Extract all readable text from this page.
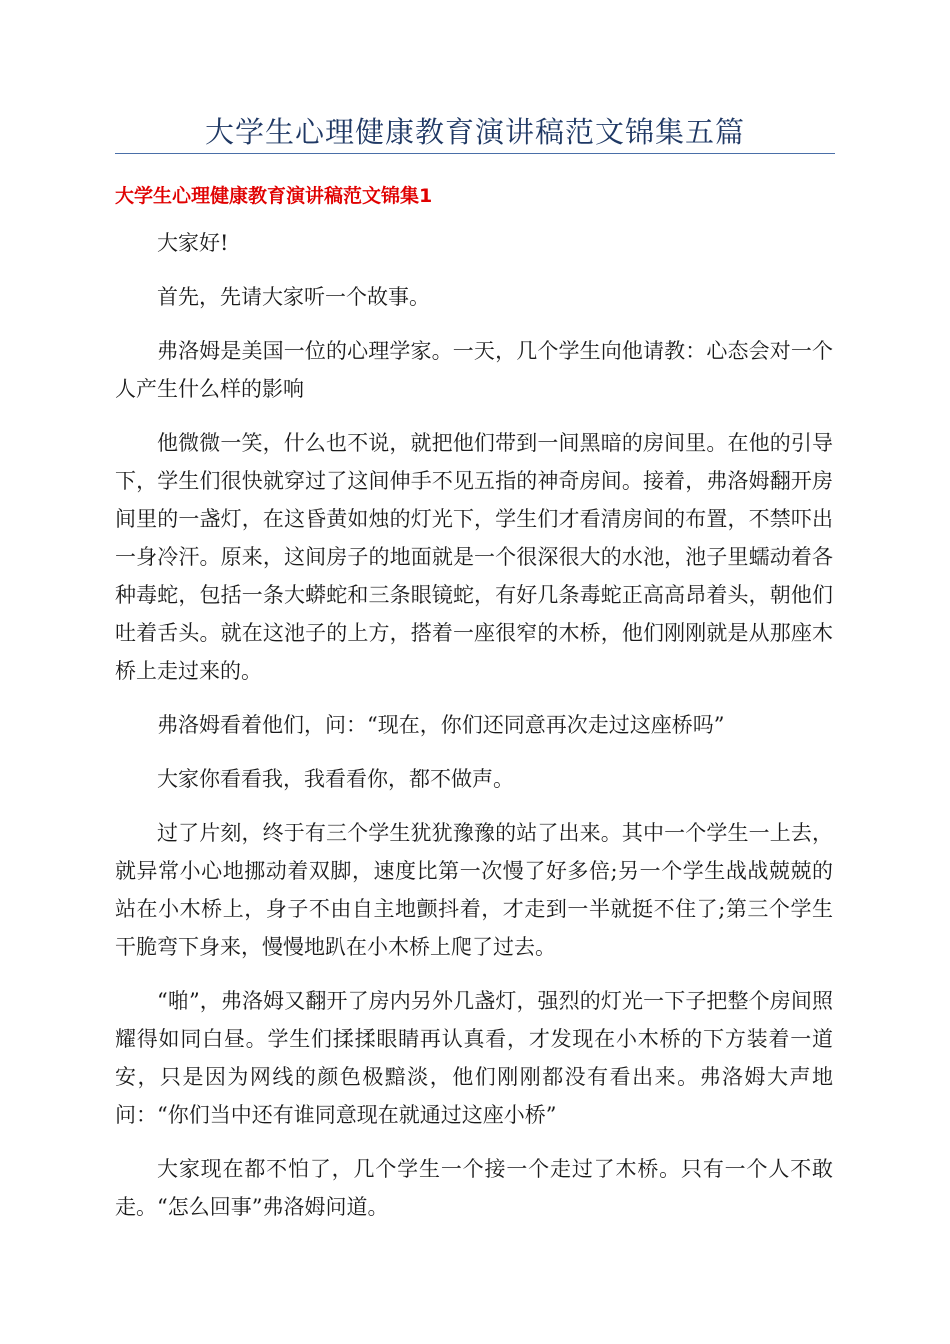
大学生心理健康教育演讲稿范文锦集五篇
大学生心理健康教育演讲稿范文锦集1

大家好!

首先，先请大家听一个故事。

弗洛姆是美国一位的心理学家。一天，几个学生向他请教：心态会对一个人产生什么样的影响

他微微一笑，什么也不说，就把他们带到一间黑暗的房间里。在他的引导下，学生们很快就穿过了这间伸手不见五指的神奇房间。接着，弗洛姆翻开房间里的一盏灯，在这昏黄如烛的灯光下，学生们才看清房间的布置，不禁吓出一身冷汗。原来，这间房子的地面就是一个很深很大的水池，池子里蠕动着各种毒蛇，包括一条大蟒蛇和三条眼镜蛇，有好几条毒蛇正高高昂着头，朝他们吐着舌头。就在这池子的上方，搭着一座很窄的木桥，他们刚刚就是从那座木桥上走过来的。

弗洛姆看着他们，问：“现在，你们还同意再次走过这座桥吗”

大家你看看我，我看看你，都不做声。

过了片刻，终于有三个学生犹犹豫豫的站了出来。其中一个学生一上去，就异常小心地挪动着双脚，速度比第一次慢了好多倍;另一个学生战战兢兢的站在小木桥上，身子不由自主地颤抖着，才走到一半就挺不住了;第三个学生干脆弯下身来，慢慢地趴在小木桥上爬了过去。

“啪”，弗洛姆又翻开了房内另外几盏灯，强烈的灯光一下子把整个房间照耀得如同白昼。学生们揉揉眼睛再认真看，才发现在小木桥的下方装着一道安，只是因为网线的颜色极黯淡，他们刚刚都没有看出来。弗洛姆大声地问：“你们当中还有谁同意现在就通过这座小桥”

大家现在都不怕了，几个学生一个接一个走过了木桥。只有一个人不敢走。“怎么回事”弗洛姆问道。
